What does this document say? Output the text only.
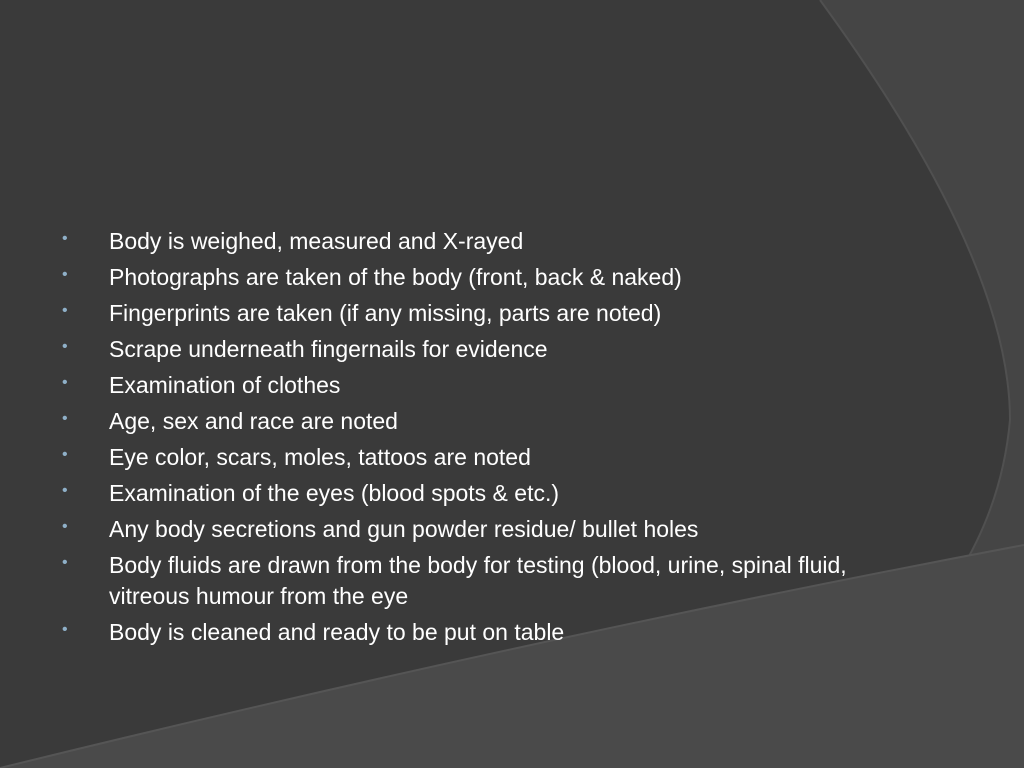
• Body is weighed, measured and X-rayed
• Photographs are taken of the body (front, back & naked)
• Fingerprints are taken (if any missing, parts are noted)
• Scrape underneath fingernails for evidence
• Examination of clothes
• Age, sex and race are noted
• Eye color, scars, moles, tattoos are noted
• Examination of the eyes (blood spots & etc.)
• Any body secretions and gun powder residue/ bullet holes
• Body fluids are drawn from the body for testing (blood, urine, spinal fluid, vitreous humour from the eye
• Body is cleaned and ready to be put on table
